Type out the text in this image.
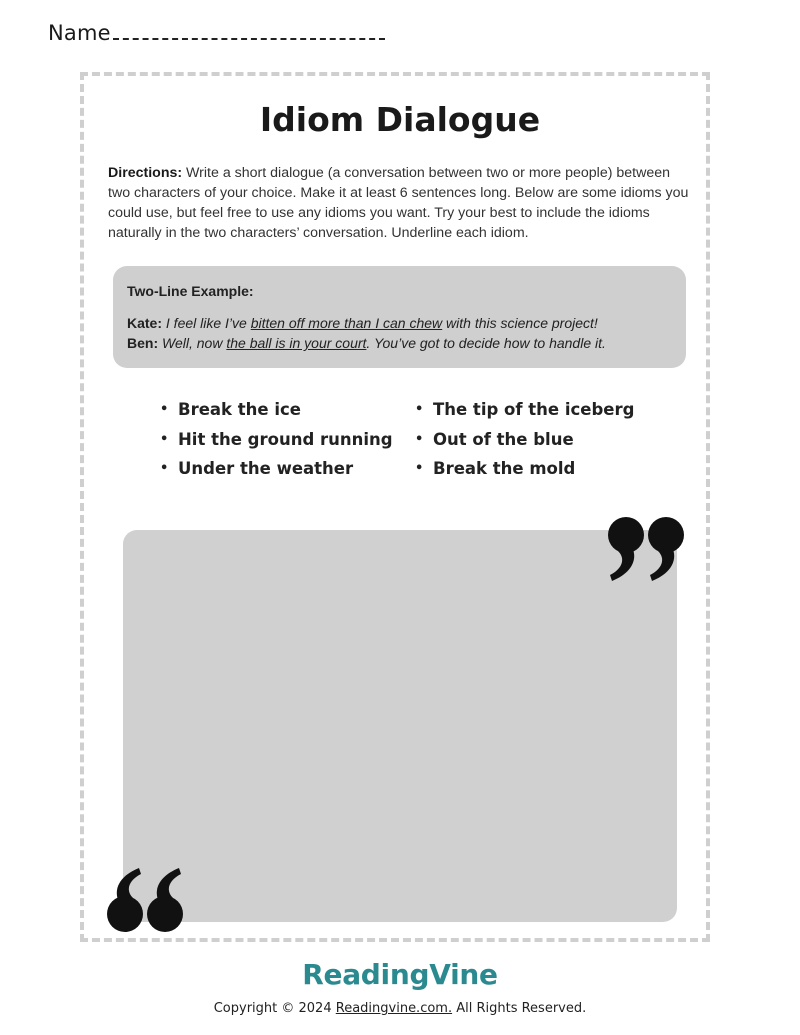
Name
Idiom Dialogue

Directions: Write a short dialogue (a conversation between two or more people) between two characters of your choice. Make it at least 6 sentences long. Below are some idioms you could use, but feel free to use any idioms you want. Try your best to include the idioms naturally in the two characters’ conversation. Underline each idiom.

Two-Line Example:

Kate: I feel like I’ve bitten off more than I can chew with this science project!

Ben: Well, now the ball is in your court. You’ve got to decide how to handle it.

• Break the ice
• Hit the ground running
• Under the weather
• The tip of the iceberg
• Out of the blue
• Break the mold
ReadingVine
Copyright © 2024 Readingvine.com. All Rights Reserved.
